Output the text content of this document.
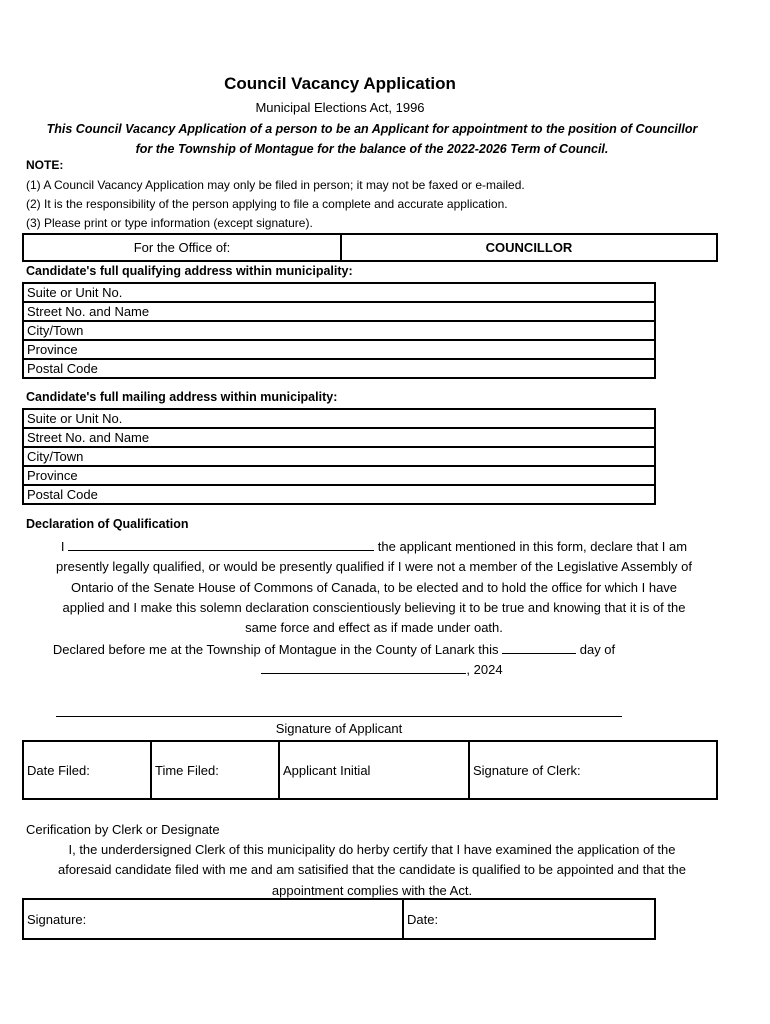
Council Vacancy Application
Municipal Elections Act, 1996
This Council Vacancy Application of a person to be an Applicant for appointment to the position of Councillor
for the Township of Montague for the balance of the 2022-2026 Term of Council.
NOTE:
(1) A Council Vacancy Application may only be filed in person; it may not be faxed or e-mailed.
(2) It is the responsibility of the person applying to file a complete and accurate application.
(3) Please print or type information (except signature).
For the Office of:	COUNCILLOR
Candidate's full qualifying address within municipality:
Suite or Unit No.
Street No. and Name
City/Town
Province
Postal Code
Candidate's full mailing address within municipality:
Suite or Unit No.
Street No. and Name
City/Town
Province
Postal Code
Declaration of Qualification
I	the applicant mentioned in this form, declare that I am
presently legally qualified, or would be presently qualified if I were not a member of the Legislative Assembly of
Ontario of the Senate House of Commons of Canada, to be elected and to hold the office for which I have
applied and I make this solemn declaration conscientiously believing it to be true and knowing that it is of the
same force and effect as if made under oath.
Declared before me at the Township of Montague in the County of Lanark this	day of
, 2024
Signature of Applicant
Date Filed:	Time Filed:	Applicant Initial	Signature of Clerk:
Cerification by Clerk or Designate
I, the underdersigned Clerk of this municipality do herby certify that I have examined the application of the
aforesaid candidate filed with me and am satisified that the candidate is qualified to be appointed and that the
appointment complies with the Act.
Signature:	Date:
